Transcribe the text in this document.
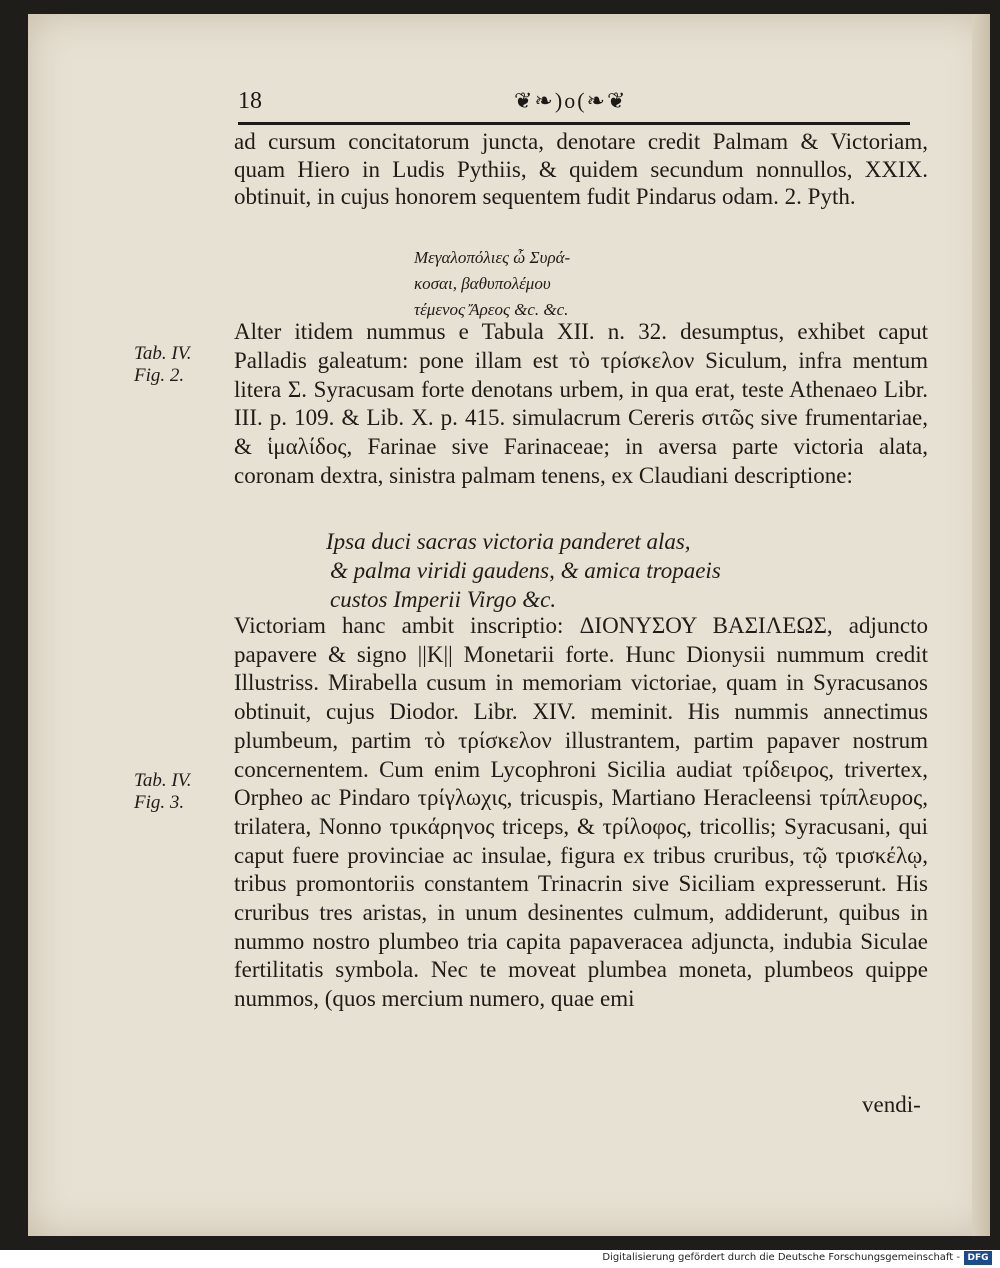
18	❦❧)o(❧❦
ad cursum concitatorum juncta, denotare credit Palmam & Victoriam, quam Hiero in Ludis Pythiis, & quidem secundum nonnullos, XXIX. obtinuit, in cujus honorem sequentem fudit Pindarus odam. 2. Pyth.
Μεγαλοπόλιες ὦ Συρά-
κοσαι, βαθυπολέμου
τέμενος Ἄρεος &c. &c.
Tab. IV.
Fig. 2.
Alter itidem nummus e Tabula XII. n. 32. desumptus, exhibet caput Palladis galeatum: pone illam est τὸ τρίσκελον Siculum, infra mentum litera Σ. Syracusam forte denotans urbem, in qua erat, teste Athenaeo Libr. III. p. 109. & Lib. X. p. 415. simulacrum Cereris σιτῶς sive frumentariae, & ἱμαλίδος, Farinae sive Farinaceae; in aversa parte victoria alata, coronam dextra, sinistra palmam tenens, ex Claudiani descriptione:
Ipsa duci sacras victoria panderet alas,
& palma viridi gaudens, & amica tropaeis
custos Imperii Virgo &c.
Tab. IV.
Fig. 3.
Victoriam hanc ambit inscriptio: ΔΙΟΝΥΣΟΥ ΒΑΣΙΛΕΩΣ, adjuncto papavere & signo ||K|| Monetarii forte. Hunc Dionysii nummum credit Illustriss. Mirabella cusum in memoriam victoriae, quam in Syracusanos obtinuit, cujus Diodor. Libr. XIV. meminit. His nummis annectimus plumbeum, partim τὸ τρίσκελον illustrantem, partim papaver nostrum concernentem. Cum enim Lycophroni Sicilia audiat τρίδειρος, trivertex, Orpheo ac Pindaro τρίγλωχις, tricuspis, Martiano Heracleensi τρίπλευρος, trilatera, Nonno τρικάρηνος triceps, & τρίλοφος, tricollis; Syracusani, qui caput fuere provinciae ac insulae, figura ex tribus cruribus, τῷ τρισκέλῳ, tribus promontoriis constantem Trinacrin sive Siciliam expresserunt. His cruribus tres aristas, in unum desinentes culmum, addiderunt, quibus in nummo nostro plumbeo tria capita papaveracea adjuncta, indubia Siculae fertilitatis symbola. Nec te moveat plumbea moneta, plumbeos quippe nummos, (quos mercium numero, quae emi
vendi-
Digitalisierung gefördert durch die Deutsche Forschungsgemeinschaft - DFG
